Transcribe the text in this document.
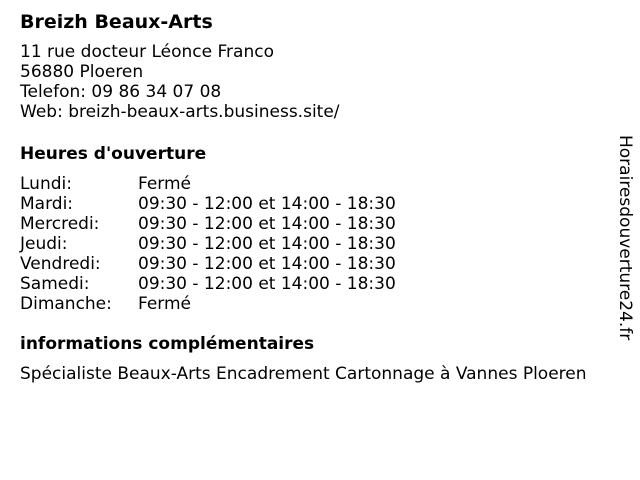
Breizh Beaux-Arts
11 rue docteur Léonce Franco
56880 Ploeren
Telefon: 09 86 34 07 08
Web: breizh-beaux-arts.business.site/
Heures d'ouverture
Lundi:	Fermé
Mardi:	09:30 - 12:00 et 14:00 - 18:30
Mercredi: 09:30 - 12:00 et 14:00 - 18:30
Jeudi:	09:30 - 12:00 et 14:00 - 18:30
Vendredi: 09:30 - 12:00 et 14:00 - 18:30
Samedi:	09:30 - 12:00 et 14:00 - 18:30
Dimanche: Fermé
informations complémentaires
Spécialiste Beaux-Arts Encadrement Cartonnage à Vannes Ploeren
Horairesdouverture24.fr
